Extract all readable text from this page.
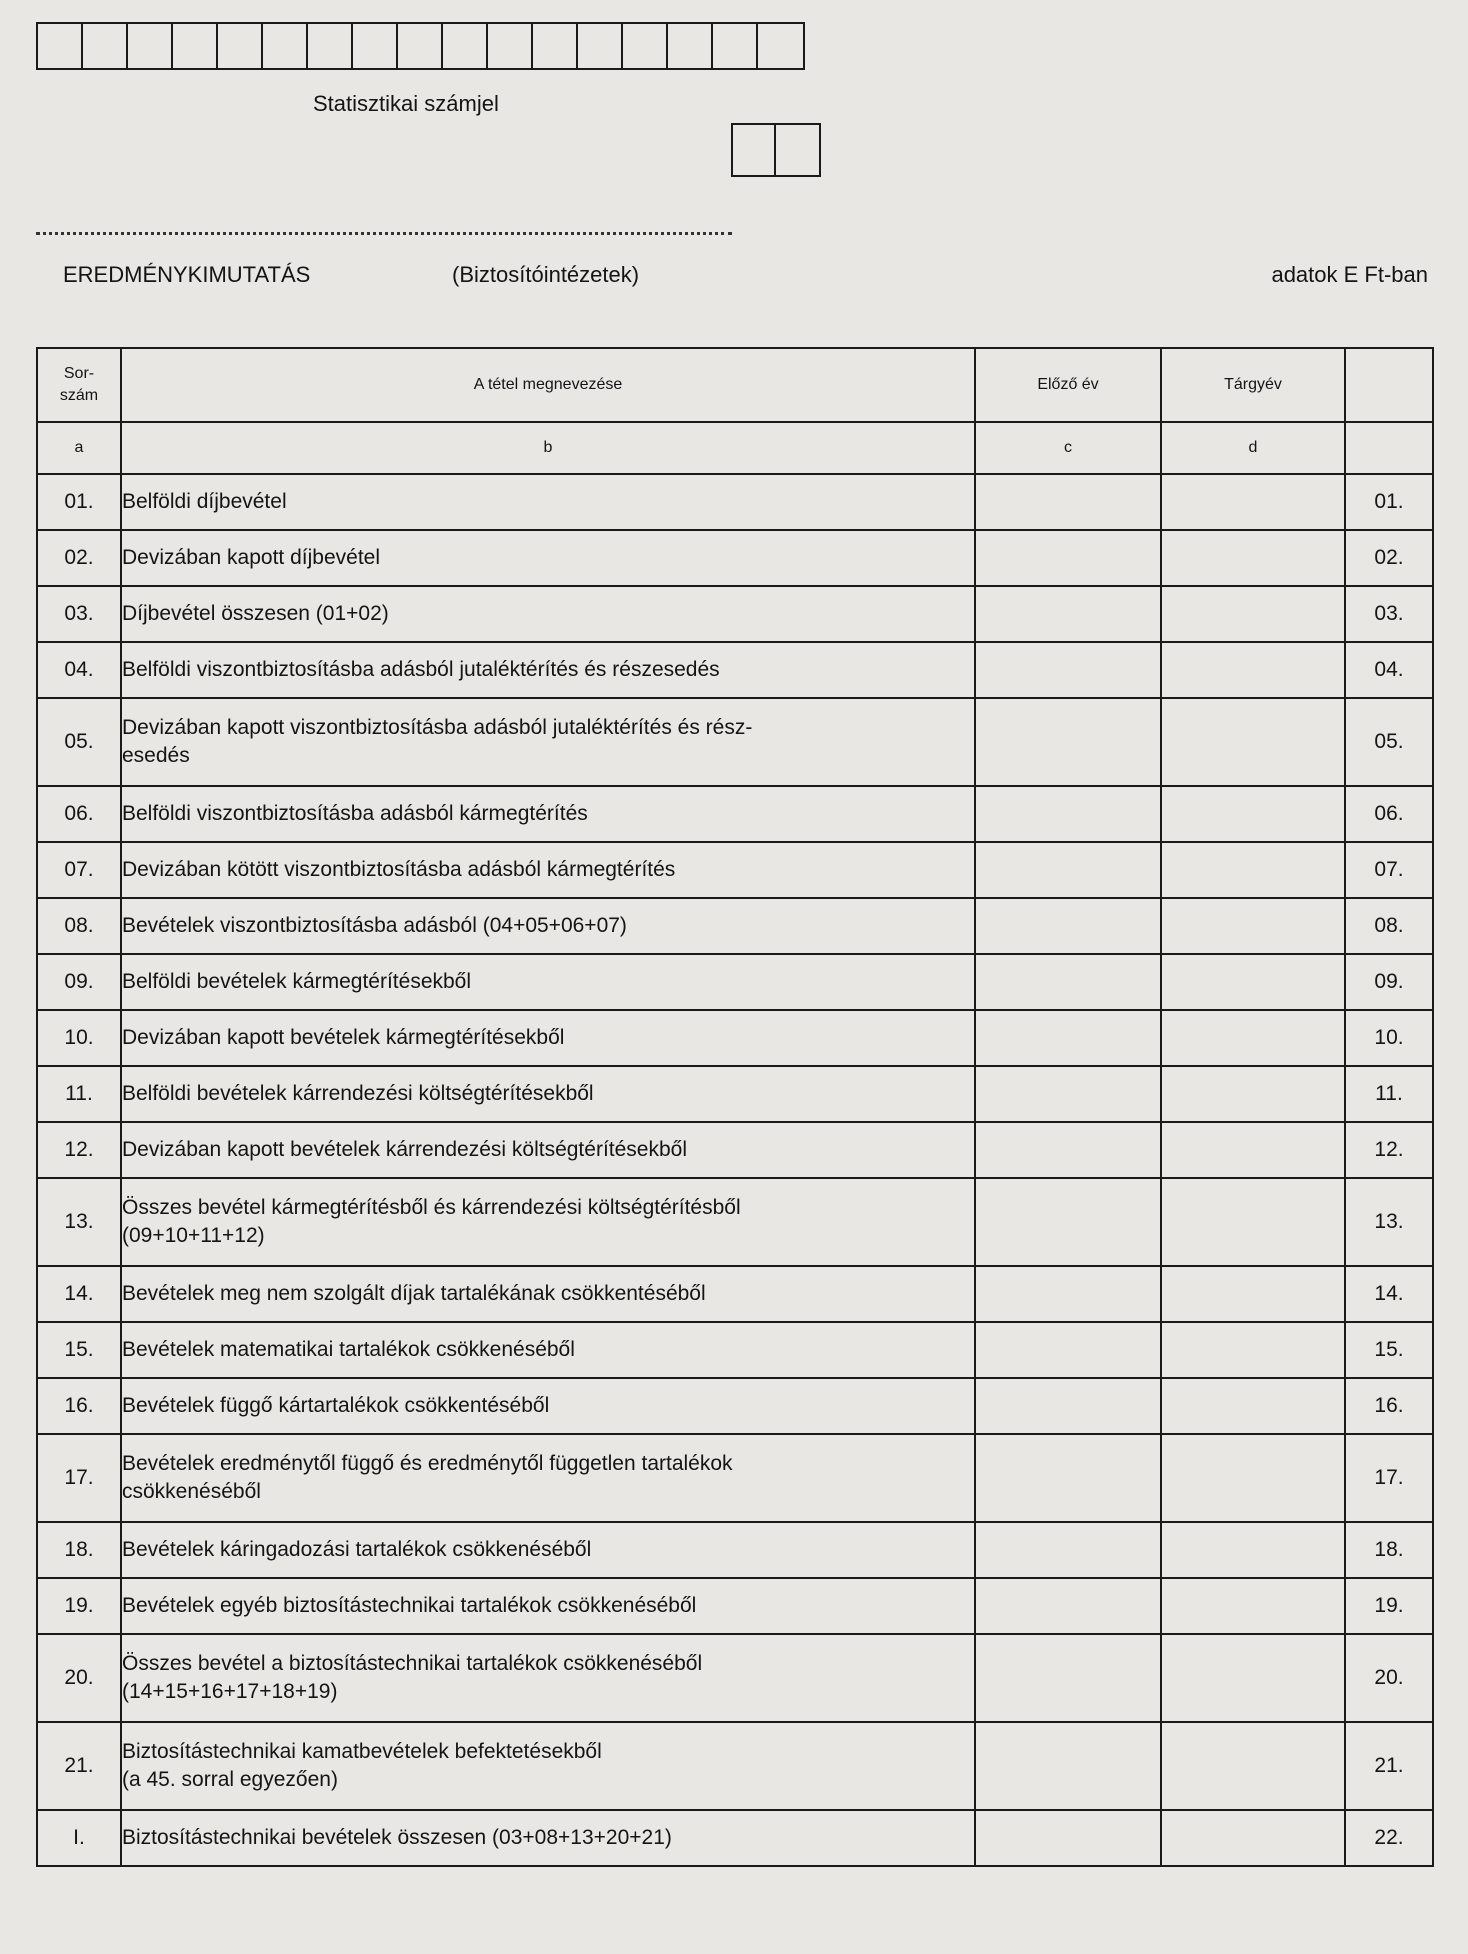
Statisztikai számjel
EREDMÉNYKIMUTATÁS	(Biztosítóintézetek)	adatok E Ft-ban
Sor-
szám	A tétel megnevezése	Előző év	Tárgyév	
a	b	c	d	
01.	Belföldi díjbevétel			01.
02.	Devizában kapott díjbevétel			02.
03.	Díjbevétel összesen (01+02)			03.
04.	Belföldi viszontbiztosításba adásból jutaléktérítés és részesedés			04.
05.	Devizában kapott viszontbiztosításba adásból jutaléktérítés és rész-
esedés			05.
06.	Belföldi viszontbiztosításba adásból kármegtérítés			06.
07.	Devizában kötött viszontbiztosításba adásból kármegtérítés			07.
08.	Bevételek viszontbiztosításba adásból (04+05+06+07)			08.
09.	Belföldi bevételek kármegtérítésekből			09.
10.	Devizában kapott bevételek kármegtérítésekből			10.
11.	Belföldi bevételek kárrendezési költségtérítésekből			11.
12.	Devizában kapott bevételek kárrendezési költségtérítésekből			12.
13.	Összes bevétel kármegtérítésből és kárrendezési költségtérítésből
(09+10+11+12)			13.
14.	Bevételek meg nem szolgált díjak tartalékának csökkentéséből			14.
15.	Bevételek matematikai tartalékok csökkenéséből			15.
16.	Bevételek függő kártartalékok csökkentéséből			16.
17.	Bevételek eredménytől függő és eredménytől független tartalékok
csökkenéséből			17.
18.	Bevételek káringadozási tartalékok csökkenéséből			18.
19.	Bevételek egyéb biztosítástechnikai tartalékok csökkenéséből			19.
20.	Összes bevétel a biztosítástechnikai tartalékok csökkenéséből
(14+15+16+17+18+19)			20.
21.	Biztosítástechnikai kamatbevételek befektetésekből
(a 45. sorral egyezően)			21.
I.	Biztosítástechnikai bevételek összesen (03+08+13+20+21)			22.
